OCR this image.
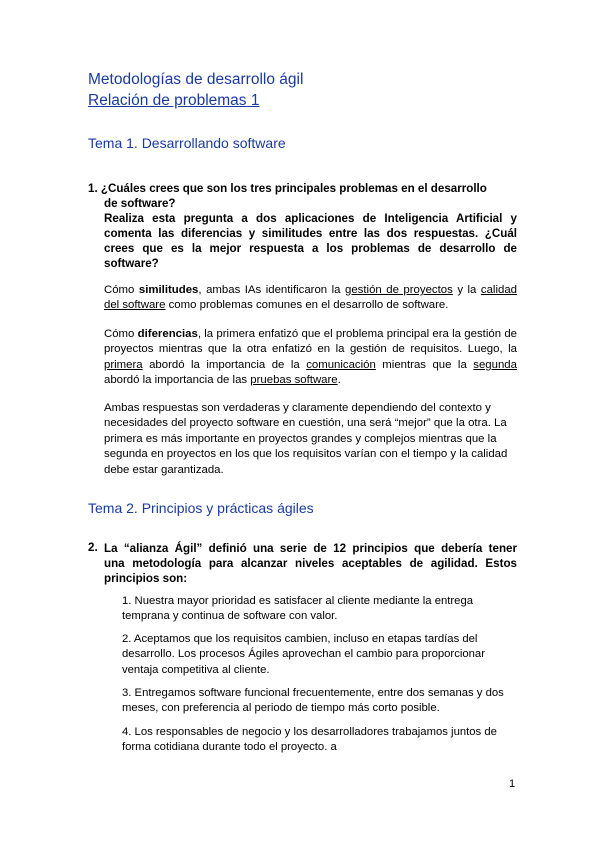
Metodologías de desarrollo ágil
Relación de problemas 1
Tema 1. Desarrollando software
1. ¿Cuáles crees que son los tres principales problemas en el desarrollo
de software?
Realiza esta pregunta a dos aplicaciones de Inteligencia Artificial y
comenta las diferencias y similitudes entre las dos respuestas. ¿Cuál
crees que es la mejor respuesta a los problemas de desarrollo de
software?
Cómo similitudes, ambas IAs identificaron la gestión de proyectos y la calidad del software como problemas comunes en el desarrollo de software.
Cómo diferencias, la primera enfatizó que el problema principal era la gestión de proyectos mientras que la otra enfatizó en la gestión de requisitos. Luego, la primera abordó la importancia de la comunicación mientras que la segunda abordó la importancia de las pruebas software.
Ambas respuestas son verdaderas y claramente dependiendo del contexto y necesidades del proyecto software en cuestión, una será “mejor” que la otra. La primera es más importante en proyectos grandes y complejos mientras que la segunda en proyectos en los que los requisitos varían con el tiempo y la calidad debe estar garantizada.
Tema 2. Principios y prácticas ágiles
2. La “alianza Ágil” definió una serie de 12 principios que debería tener
una metodología para alcanzar niveles aceptables de agilidad. Estos
principios son:
1. Nuestra mayor prioridad es satisfacer al cliente mediante la entrega temprana y continua de software con valor.
2. Aceptamos que los requisitos cambien, incluso en etapas tardías del desarrollo. Los procesos Ágiles aprovechan el cambio para proporcionar ventaja competitiva al cliente.
3. Entregamos software funcional frecuentemente, entre dos semanas y dos meses, con preferencia al periodo de tiempo más corto posible.
4. Los responsables de negocio y los desarrolladores trabajamos juntos de forma cotidiana durante todo el proyecto. a
1
